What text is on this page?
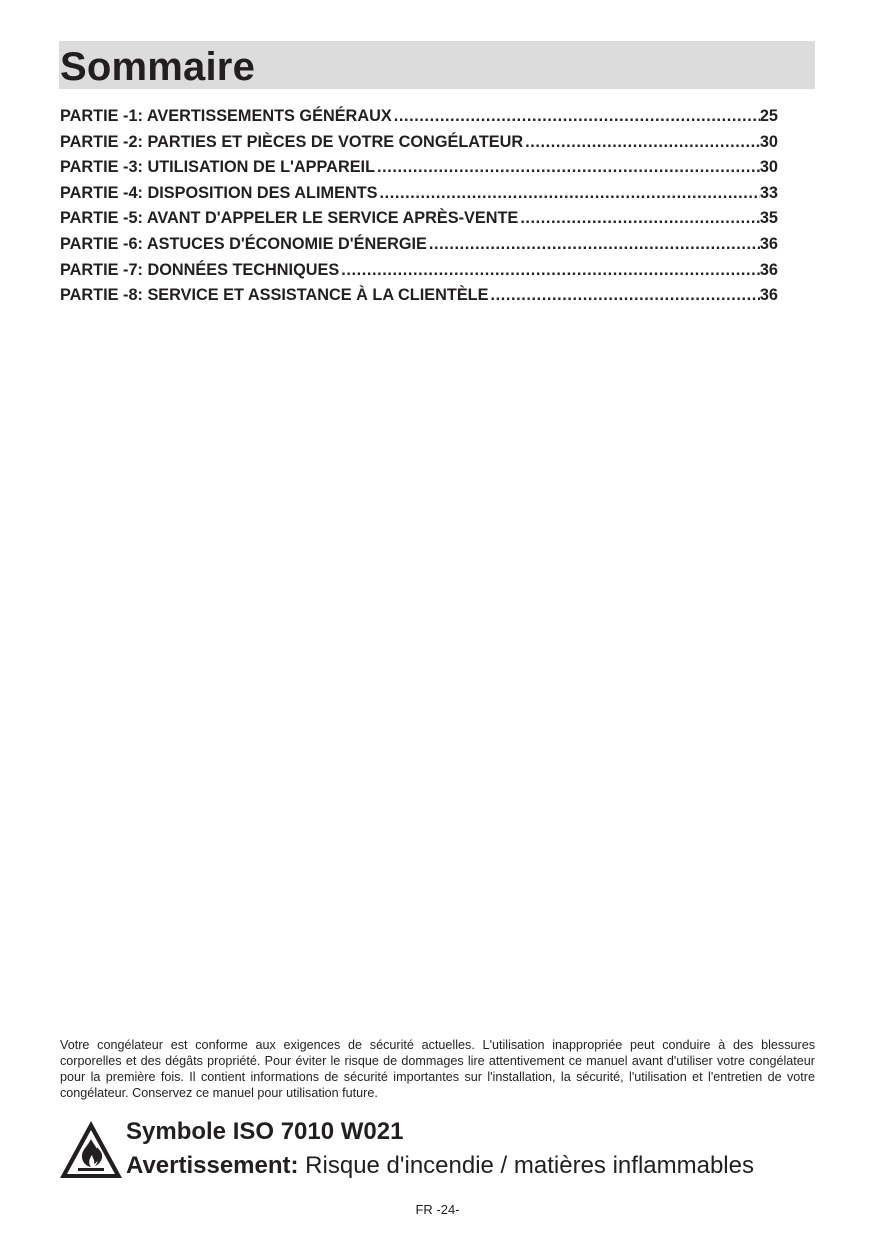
Sommaire
PARTIE -1: AVERTISSEMENTS GÉNÉRAUX .....	25
PARTIE -2: PARTIES ET PIÈCES DE VOTRE CONGÉLATEUR .....	30
PARTIE -3: UTILISATION DE L'APPAREIL .....	30
PARTIE -4: DISPOSITION DES ALIMENTS .....	33
PARTIE -5: AVANT D'APPELER LE SERVICE APRÈS-VENTE .....	35
PARTIE -6: ASTUCES D'ÉCONOMIE D'ÉNERGIE .....	36
PARTIE -7: DONNÉES TECHNIQUES .....	36
PARTIE -8: SERVICE ET ASSISTANCE À LA CLIENTÈLE .....	36

Votre congélateur est conforme aux exigences de sécurité actuelles. L'utilisation inappropriée peut conduire à des blessures corporelles et des dégâts propriété. Pour éviter le risque de dommages lire attentivement ce manuel avant d'utiliser votre congélateur pour la première fois. Il contient informations de sécurité importantes sur l'installation, la sécurité, l'utilisation et l'entretien de votre congélateur. Conservez ce manuel pour utilisation future.

Symbole ISO 7010 W021
Avertissement: Risque d'incendie / matières inflammables
FR -24-
